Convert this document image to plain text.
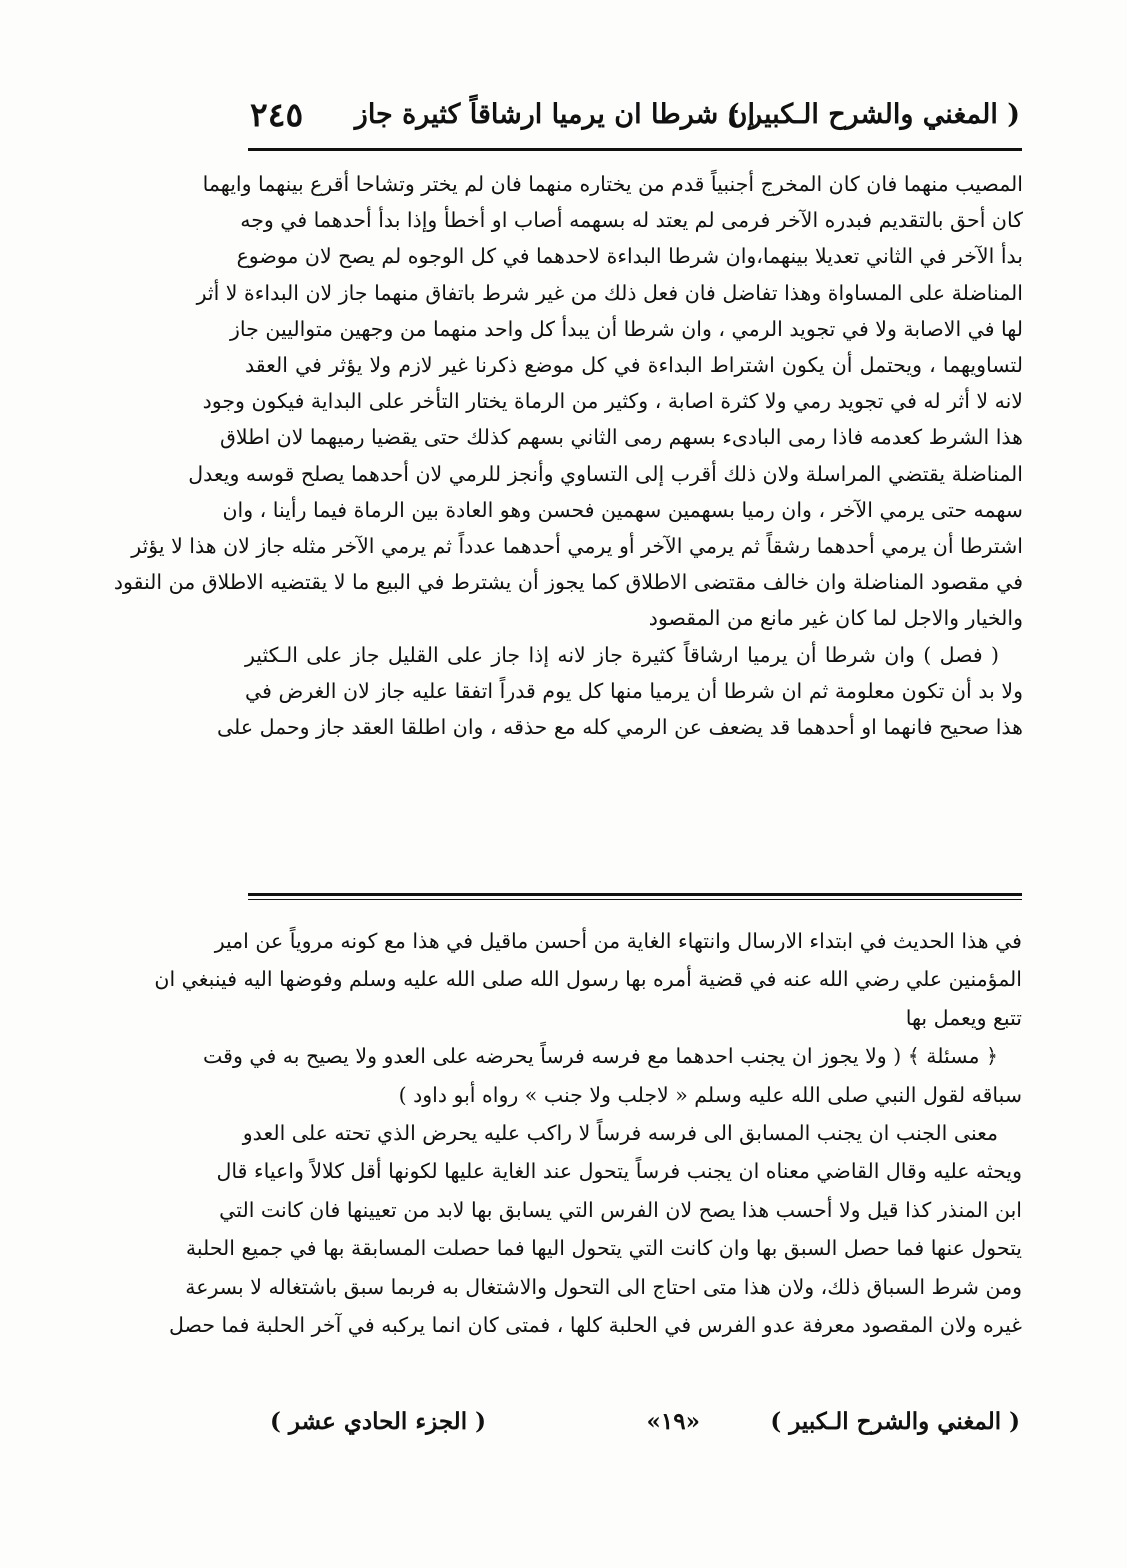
( المغني والشرح الـكبير )
إن شرطا ان يرميا ارشاقاً كثيرة جاز
٢٤٥

المصيب منهما فان كان المخرج أجنبياً قدم من يختاره منهما فان لم يختر وتشاحا أقرع بينهما وايهما

كان أحق بالتقديم فبدره الآخر فرمى لم يعتد له بسهمه أصاب او أخطأ وإذا بدأ أحدهما في وجه

بدأ الآخر في الثاني تعديلا بينهما،وان شرطا البداءة لاحدهما في كل الوجوه لم يصح لان موضوع

المناضلة على المساواة وهذا تفاضل فان فعل ذلك من غير شرط باتفاق منهما جاز لان البداءة لا أثر

لها في الاصابة ولا في تجويد الرمي ، وان شرطا أن يبدأ كل واحد منهما من وجهين متواليين جاز

لتساويهما ، ويحتمل أن يكون اشتراط البداءة في كل موضع ذكرنا غير لازم ولا يؤثر في العقد

لانه لا أثر له في تجويد رمي ولا كثرة اصابة ، وكثير من الرماة يختار التأخر على البداية فيكون وجود

هذا الشرط كعدمه فاذا رمى البادىء بسهم رمى الثاني بسهم كذلك حتى يقضيا رميهما لان اطلاق

المناضلة يقتضي المراسلة ولان ذلك أقرب إلى التساوي وأنجز للرمي لان أحدهما يصلح قوسه ويعدل

سهمه حتى يرمي الآخر ، وان رميا بسهمين سهمين فحسن وهو العادة بين الرماة فيما رأينا ، وان

اشترطا أن يرمي أحدهما رشقاً ثم يرمي الآخر أو يرمي أحدهما عدداً ثم يرمي الآخر مثله جاز لان هذا لا يؤثر

في مقصود المناضلة وان خالف مقتضى الاطلاق كما يجوز أن يشترط في البيع ما لا يقتضيه الاطلاق من النقود

والخيار والاجل لما كان غير مانع من المقصود

( فصل ) وان شرطا أن يرميا ارشاقاً كثيرة جاز لانه إذا جاز على القليل جاز على الـكثير

ولا بد أن تكون معلومة ثم ان شرطا أن يرميا منها كل يوم قدراً اتفقا عليه جاز لان الغرض في

هذا صحيح فانهما او أحدهما قد يضعف عن الرمي كله مع حذقه ، وان اطلقا العقد جاز وحمل على

في هذا الحديث في ابتداء الارسال وانتهاء الغاية من أحسن ماقيل في هذا مع كونه مروياً عن امير

المؤمنين علي رضي الله عنه في قضية أمره بها رسول الله صلى الله عليه وسلم وفوضها اليه فينبغي ان

تتبع ويعمل بها

﴿ مسئلة ﴾ ( ولا يجوز ان يجنب احدهما مع فرسه فرساً يحرضه على العدو ولا يصيح به في وقت

سباقه لقول النبي صلى الله عليه وسلم « لاجلب ولا جنب » رواه أبو داود )

معنى الجنب ان يجنب المسابق الى فرسه فرساً لا راكب عليه يحرض الذي تحته على العدو

ويحثه عليه وقال القاضي معناه ان يجنب فرساً يتحول عند الغاية عليها لكونها أقل كلالاً واعياء قال

ابن المنذر كذا قيل ولا أحسب هذا يصح لان الفرس التي يسابق بها لابد من تعيينها فان كانت التي

يتحول عنها فما حصل السبق بها وان كانت التي يتحول اليها فما حصلت المسابقة بها في جميع الحلبة

ومن شرط السباق ذلك، ولان هذا متى احتاج الى التحول والاشتغال به فربما سبق باشتغاله لا بسرعة

غيره ولان المقصود معرفة عدو الفرس في الحلبة كلها ، فمتى كان انما يركبه في آخر الحلبة فما حصل

( المغني والشرح الـكبير )
«١٩»
( الجزء الحادي عشر )
